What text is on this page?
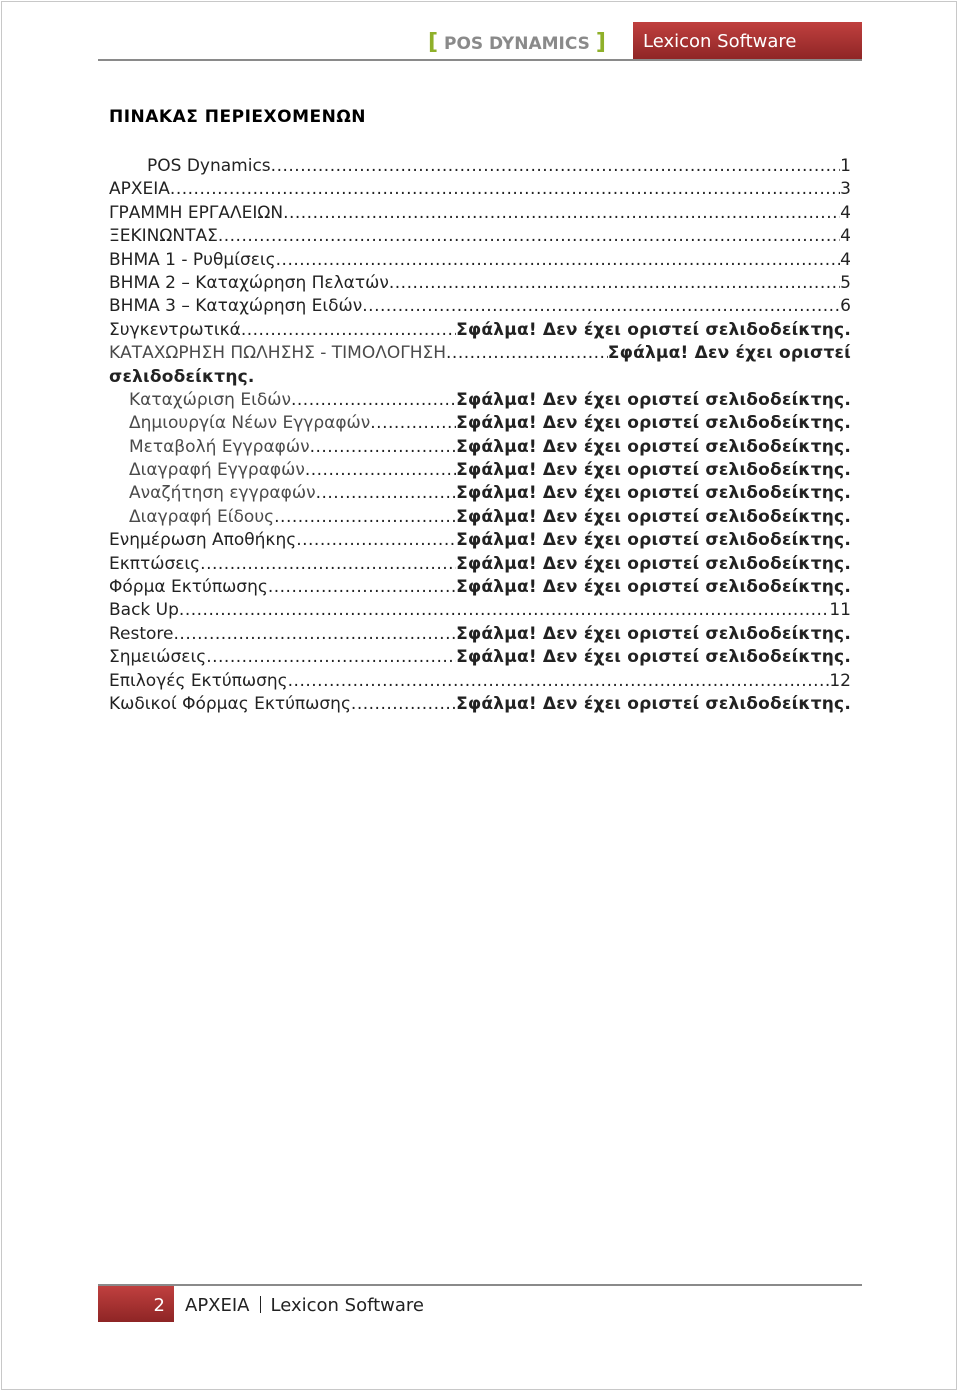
[ POS DYNAMICS ]	Lexicon Software
ΠΙΝΑΚΑΣ ΠΕΡΙΕΧΟΜΕΝΩΝ
POS Dynamics .....	1
ΑΡΧΕΙΑ .....	3
ΓΡΑΜΜΗ ΕΡΓΑΛΕΙΩΝ .....	4
ΞΕΚΙΝΩΝΤΑΣ .....	4
ΒΗΜΑ 1 - Ρυθμίσεις .....	4
ΒΗΜΑ 2 – Καταχώρηση Πελατών .....	5
ΒΗΜΑ 3 – Καταχώρηση Ειδών .....	6
Συγκεντρωτικά .....	Σφάλμα! Δεν έχει οριστεί σελιδοδείκτης.
ΚΑΤΑΧΩΡΗΣΗ ΠΩΛΗΣΗΣ - ΤΙΜΟΛΟΓΗΣΗ .....	Σφάλμα! Δεν έχει οριστεί
σελιδοδείκτης.
Καταχώριση Ειδών .....	Σφάλμα! Δεν έχει οριστεί σελιδοδείκτης.
Δημιουργία Νέων Εγγραφών .....	Σφάλμα! Δεν έχει οριστεί σελιδοδείκτης.
Μεταβολή Εγγραφών .....	Σφάλμα! Δεν έχει οριστεί σελιδοδείκτης.
Διαγραφή Εγγραφών .....	Σφάλμα! Δεν έχει οριστεί σελιδοδείκτης.
Αναζήτηση εγγραφών .....	Σφάλμα! Δεν έχει οριστεί σελιδοδείκτης.
Διαγραφή Είδους .....	Σφάλμα! Δεν έχει οριστεί σελιδοδείκτης.
Ενημέρωση Αποθήκης .....	Σφάλμα! Δεν έχει οριστεί σελιδοδείκτης.
Εκπτώσεις .....	Σφάλμα! Δεν έχει οριστεί σελιδοδείκτης.
Φόρμα Εκτύπωσης .....	Σφάλμα! Δεν έχει οριστεί σελιδοδείκτης.
Back Up .....	11
Restore .....	Σφάλμα! Δεν έχει οριστεί σελιδοδείκτης.
Σημειώσεις .....	Σφάλμα! Δεν έχει οριστεί σελιδοδείκτης.
Επιλογές Εκτύπωσης .....	12
Κωδικοί Φόρμας Εκτύπωσης .....	Σφάλμα! Δεν έχει οριστεί σελιδοδείκτης.
2	ΑΡΧΕΙΑ Lexicon Software
